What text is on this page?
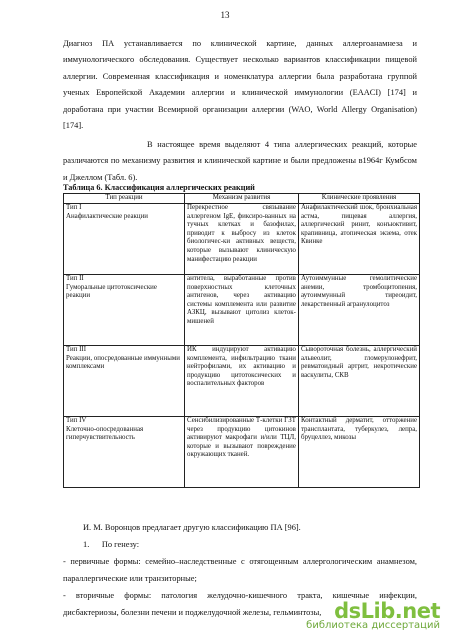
13

Диагноз ПА устанавливается по клинической картине, данных аллергоанамнеза и иммунологического обследования. Существует несколько вариантов классификации пищевой аллергии. Современная классификация и номенклатура аллергии была разработана группой ученых Европейской Академии аллергии и клинической иммунологии (EAACI) [174] и доработана при участии Всемирной организации аллергии (WAO, World Allergy Organisation) [174].

В настоящее время выделяют 4 типа аллергических реакций, которые различаются по механизму развития и клинической картине и были предложены в1964г Кумбсом и Джеллом (Табл. 6).

Таблица 6. Классификация аллергических реакций
Тип реакции	Механизм развития	Клинические проявления
Тип I
Анафилактические реакции	Перекрестное связывание аллергеном IgE, фиксиро-ванных на тучных клетках и базофилах, приводит к выбросу из клеток биологичес-ки активных веществ, которые вызывают клиническую манифестацию реакции	Анафилактический шок, бронхиальная астма, пищевая аллергия, аллергический ринит, конъюктивит, крапивница, атопическая экзема, отек Квинке
Тип II
Гуморальные цитотоксические реакции	антитела, выработанные против поверхностных клеточных антигенов, через активацию системы комплемента или развитие АЗКЦ, вызывают цитолиз клеток-мишеней	Аутоиммунные гемолитические анемии, тромбоцитопения, аутоиммунный тиреоидит, лекарственный агранулоцитоз
Тип III
Реакции, опосредованные иммунными комплексами	ИК индуцируют активацию комплемента, инфильтрацию ткани нейтрофилами, их активацию и продукцию цитотоксических и воспалительных факторов	Сывороточная болезнь, аллергический альвеолит, гломерулонефрит, ревматоидный артрит, некротические васкулиты, СКВ
Тип IV
Клеточно-опосредованная гиперчувствительность	Сенсибилизированные Т-клетки ГЗТ через продукцию цитокинов активируют макрофаги и/или ТЦЛ, которые и вызывают повреждение окружающих тканей.	Контактный дерматит, отторжение трансплантата, туберкулез, лепра, бруцеллез, микозы

И. М. Воронцов предлагает другую классификацию ПА [96].

1.      По генезу:

- первичные формы: семейно–наследственные с отягощенным аллергологическим анамнезом, параллергические или транзиторные;

- вторичные формы: патология желудочно-кишечного тракта, кишечные инфекции, дисбактериозы, болезни печени и поджелудочной железы, гельминтозы, dsLib.net
библиотека диссертаций
